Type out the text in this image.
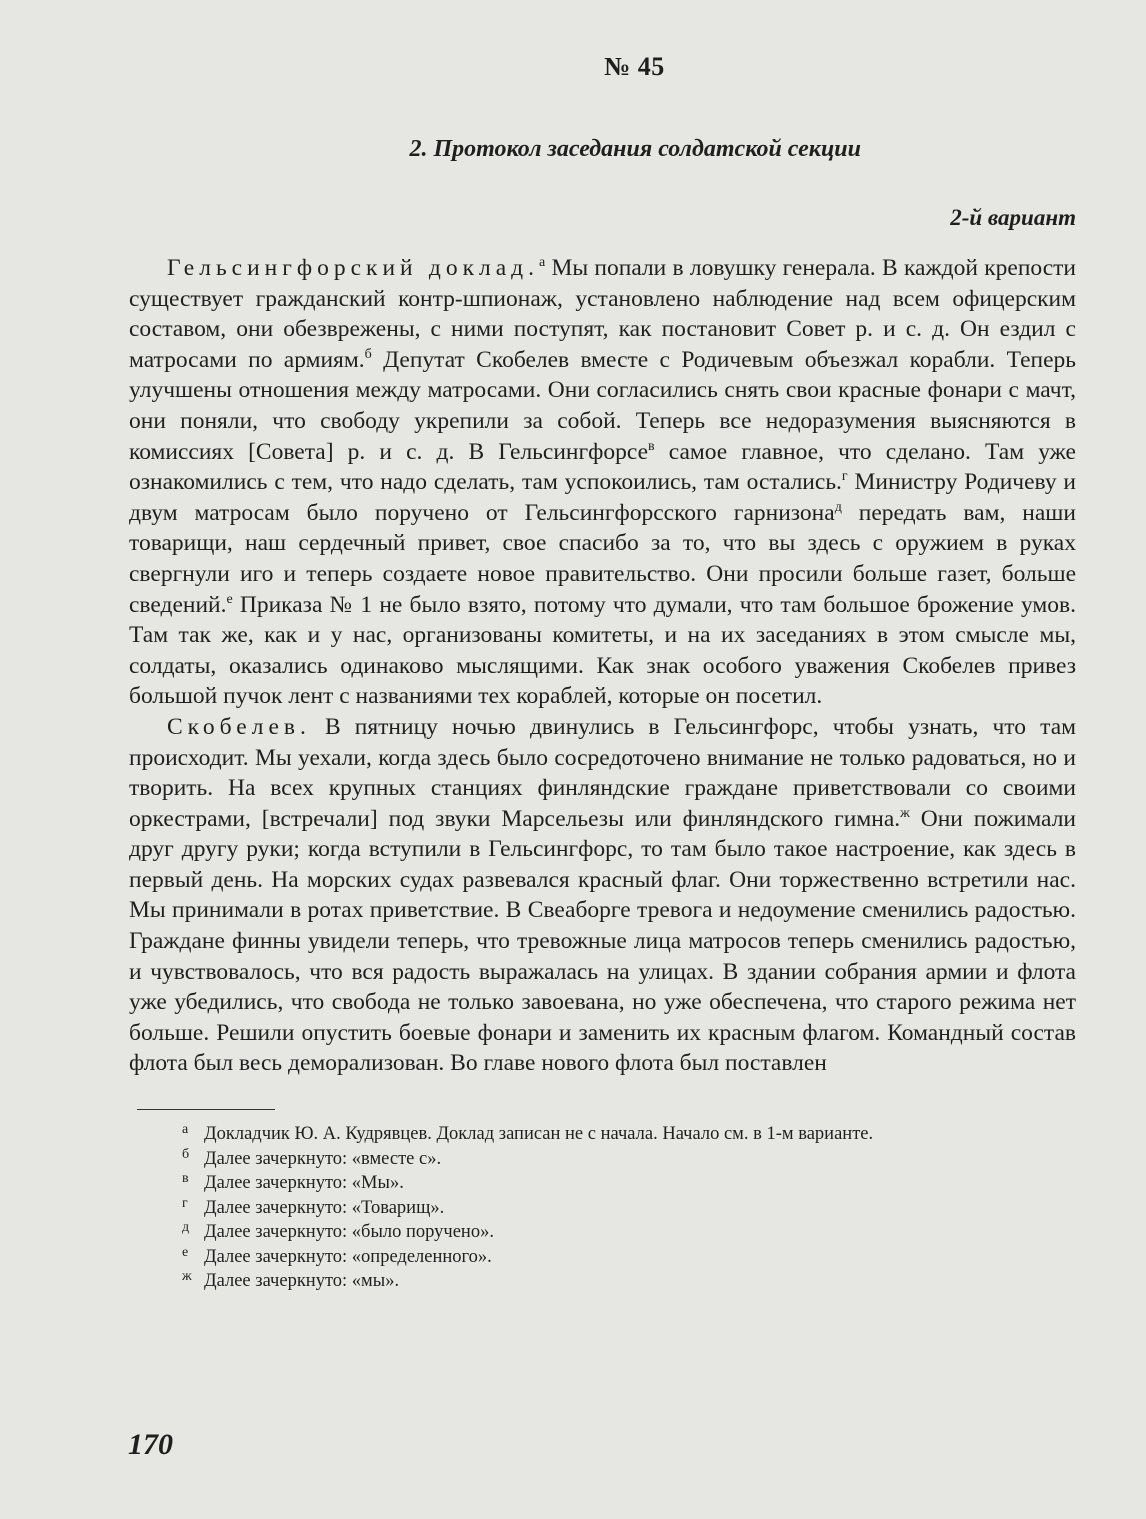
№ 45
2. Протокол заседания солдатской секции
2-й вариант

Гельсингфорский доклад.$^а$ Мы попали в ловушку генерала. В каждой крепости существует гражданский контр-шпионаж, установлено наблюдение над всем офицерским составом, они обезврежены, с ними поступят, как постановит Совет р. и с. д. Он ездил с матросами по армиям.$^б$ Депутат Скобелев вместе с Родичевым объезжал корабли. Теперь улучшены отношения между матросами. Они согласились снять свои красные фонари с мачт, они поняли, что свободу укрепили за собой. Теперь все недоразумения выясняются в комиссиях [Совета] р. и с. д. В Гельсингфорсе$^в$ самое главное, что сделано. Там уже ознакомились с тем, что надо сделать, там успокоились, там остались.$^г$ Министру Родичеву и двум матросам было поручено от Гельсингфорсского гарнизона$^д$ передать вам, наши товарищи, наш сердечный привет, свое спасибо за то, что вы здесь с оружием в руках свергнули иго и теперь создаете новое правительство. Они просили больше газет, больше сведений.$^е$ Приказа № 1 не было взято, потому что думали, что там большое брожение умов. Там так же, как и у нас, организованы комитеты, и на их заседаниях в этом смысле мы, солдаты, оказались одинаково мыслящими. Как знак особого уважения Скобелев привез большой пучок лент с названиями тех кораблей, которые он посетил.

Скобелев. В пятницу ночью двинулись в Гельсингфорс, чтобы узнать, что там происходит. Мы уехали, когда здесь было сосредоточено внимание не только радоваться, но и творить. На всех крупных станциях финляндские граждане приветствовали со своими оркестрами, [встречали] под звуки Марсельезы или финляндского гимна.$^ж$ Они пожимали друг другу руки; когда вступили в Гельсингфорс, то там было такое настроение, как здесь в первый день. На морских судах развевался красный флаг. Они торжественно встретили нас. Мы принимали в ротах приветствие. В Свеаборге тревога и недоумение сменились радостью. Граждане финны увидели теперь, что тревожные лица матросов теперь сменились радостью, и чувствовалось, что вся радость выражалась на улицах. В здании собрания армии и флота уже убедились, что свобода не только завоевана, но уже обеспечена, что старого режима нет больше. Решили опустить боевые фонари и заменить их красным флагом. Командный состав флота был весь деморализован. Во главе нового флота был поставлен

а Докладчик Ю. А. Кудрявцев. Доклад записан не с начала. Начало см. в 1-м варианте.

б Далее зачеркнуто: «вместе с».

в Далее зачеркнуто: «Мы».

г Далее зачеркнуто: «Товарищ».

д Далее зачеркнуто: «было поручено».

е Далее зачеркнуто: «определенного».

ж Далее зачеркнуто: «мы».

170
